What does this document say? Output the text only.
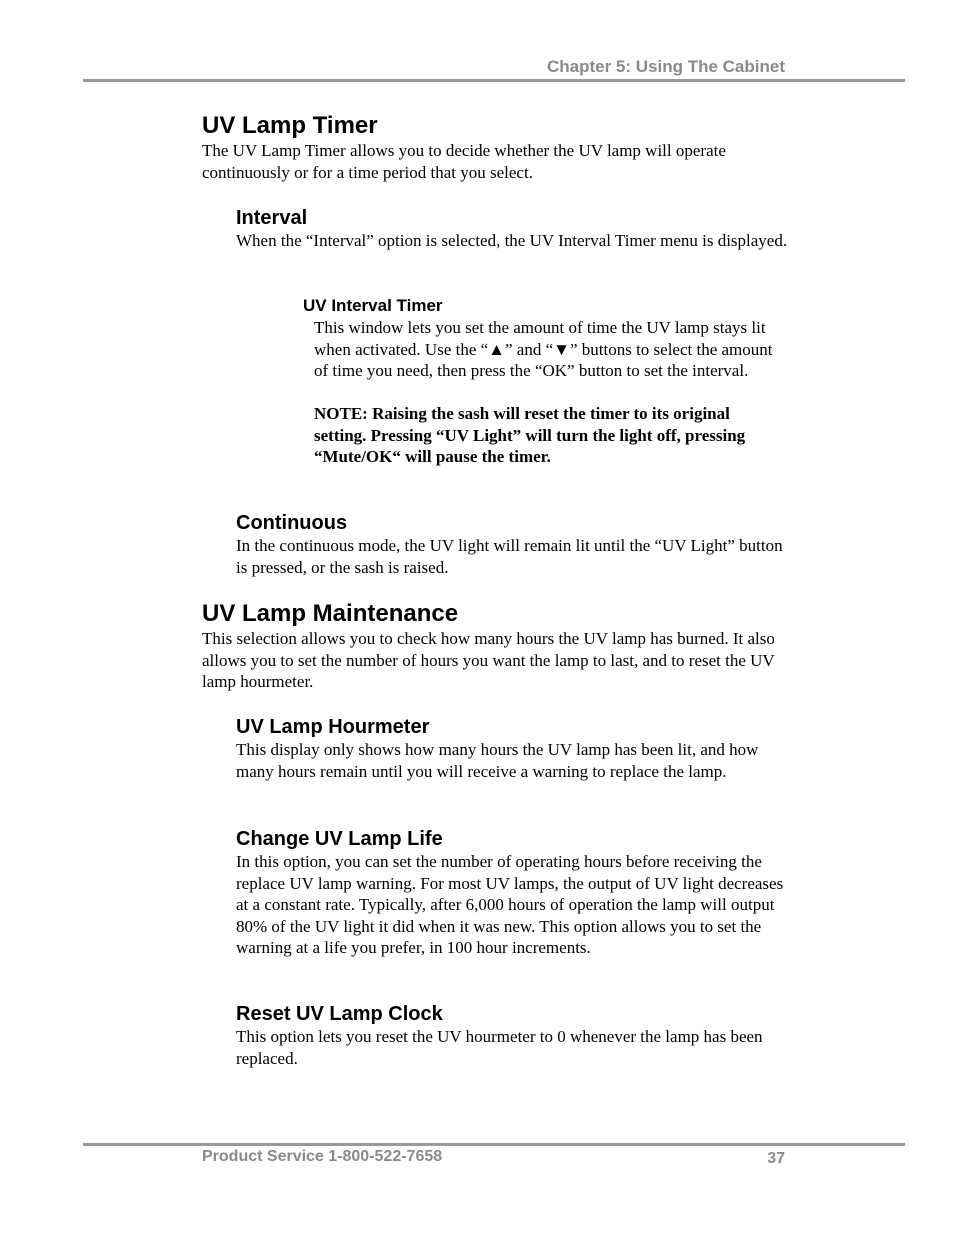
Chapter 5: Using The Cabinet
UV Lamp Timer

The UV Lamp Timer allows you to decide whether the UV lamp will operate continuously or for a time period that you select.

Interval

When the “Interval” option is selected, the UV Interval Timer menu is displayed.

UV Interval Timer

This window lets you set the amount of time the UV lamp stays lit when activated. Use the “▲” and “▼” buttons to select the amount of time you need, then press the “OK” button to set the interval.

NOTE: Raising the sash will reset the timer to its original setting. Pressing “UV Light” will turn the light off, pressing “Mute/OK“ will pause the timer.

Continuous

In the continuous mode, the UV light will remain lit until the “UV Light” button is pressed, or the sash is raised.

UV Lamp Maintenance

This selection allows you to check how many hours the UV lamp has burned. It also allows you to set the number of hours you want the lamp to last, and to reset the UV lamp hourmeter.

UV Lamp Hourmeter

This display only shows how many hours the UV lamp has been lit, and how many hours remain until you will receive a warning to replace the lamp.

Change UV Lamp Life

In this option, you can set the number of operating hours before receiving the replace UV lamp warning. For most UV lamps, the output of UV light decreases at a constant rate. Typically, after 6,000 hours of operation the lamp will output 80% of the UV light it did when it was new. This option allows you to set the warning at a life you prefer, in 100 hour increments.

Reset UV Lamp Clock

This option lets you reset the UV hourmeter to 0 whenever the lamp has been replaced.

Product Service 1-800-522-7658	37
